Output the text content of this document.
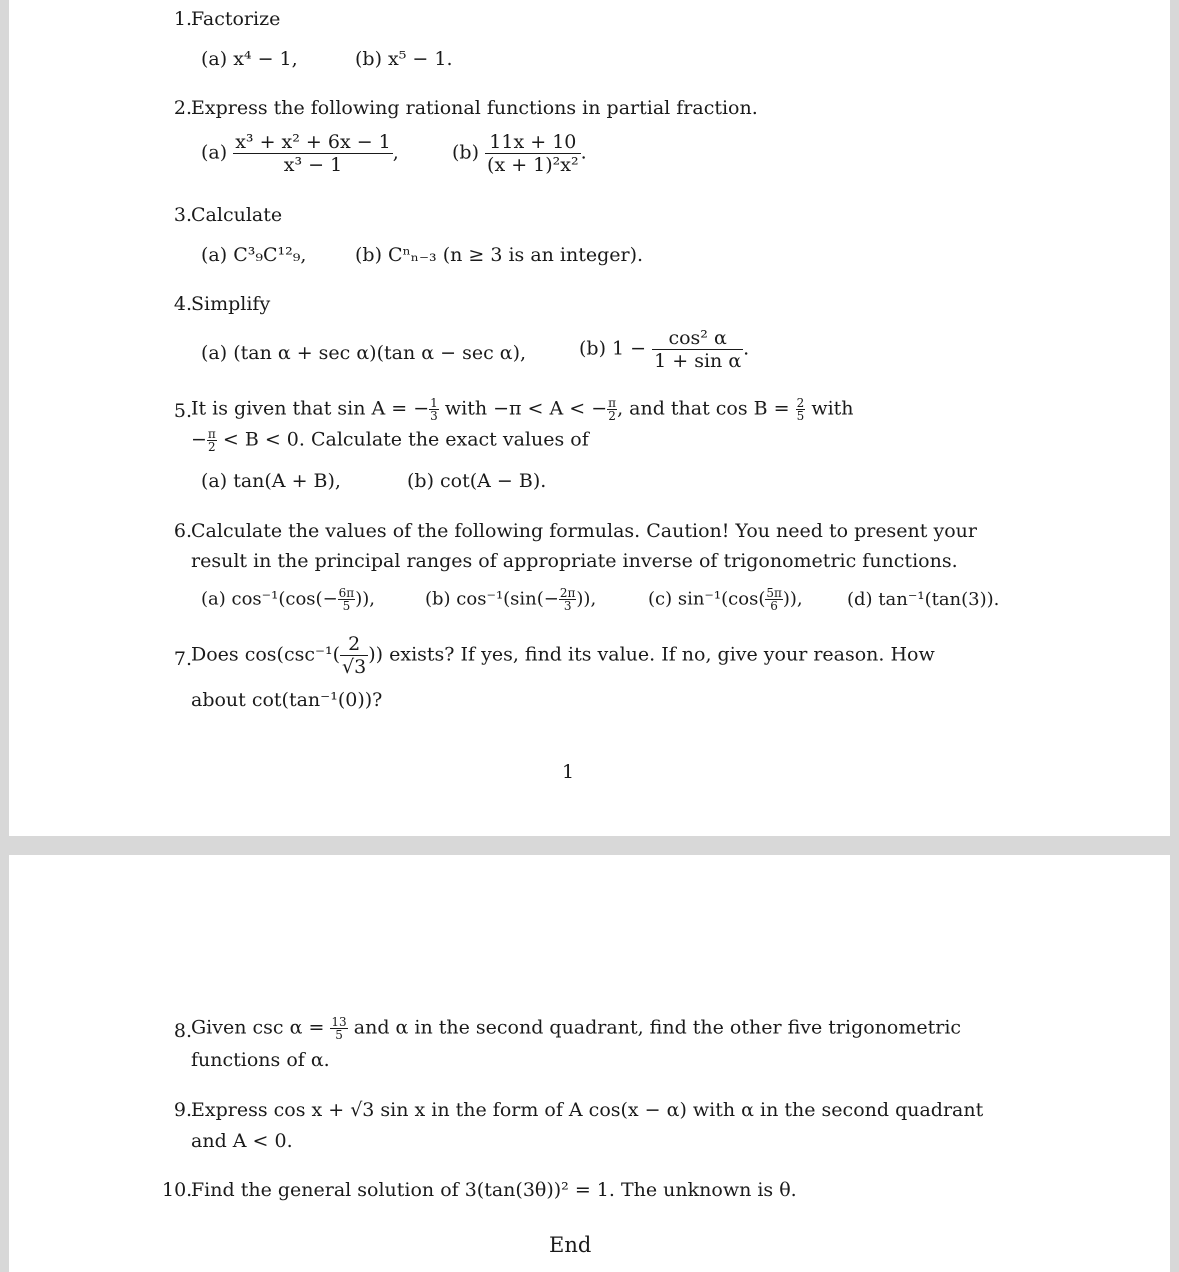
1. Factorize
(a) x⁴ − 1,	(b) x⁵ − 1.
2. Express the following rational functions in partial fraction.
$(a) \frac{\text{x³ + x² + 6x − 1}}{\text{x³ − 1}}$ ,	$(b) \frac{11x + 10}{\text{(x + 1)²x²}}$ .
3. Calculate
(a) C³₉C¹²₉,	(b) Cⁿₙ₋₃ (n ≥ 3 is an integer).
4. Simplify
(a) (tan α + sec α)(tan α − sec α),	(b) $1 - \frac{\text{cos² α}}{\text{1 + sin α}}$ .
5. It is given that sin A = − $\frac{1}{3}$ with −π < A < − $\frac{\pi}{2}$ , and that $\cos B = \frac{2}{5}$ with
− $\frac{\pi}{2} < B < 0$. Calculate the exact values of
(a) tan(A + B),	(b) cot(A − B).
6. Calculate the values of the following formulas. Caution! You need to present your
result in the principal ranges of appropriate inverse of trigonometric functions.
(a) $\cos^{-1}(\cos(- \frac{6\pi}{5}$ )),	(b) $\cos^{-1}(\sin(- \frac{2\pi}{3}$ )),	(c) $\sin^{-1}(\cos( \frac{5\pi}{6}$ )), (d) tan⁻¹(tan(3)).
7. Does $\cos(\csc^{-1}( \frac{2}{√3}$ )) exists? If yes, find its value. If no, give your reason. How
about cot(tan⁻¹(0))?
1
8. Given $\csc \alpha = \frac{13}{5}$ and α in the second quadrant, find the other five trigonometric
functions of α.
9. Express cos x + √3 sin x in the form of A cos(x − α) with α in the second quadrant
and A < 0.
10.
Find the general solution of 3(tan(3θ))² = 1. The unknown is θ.
End
